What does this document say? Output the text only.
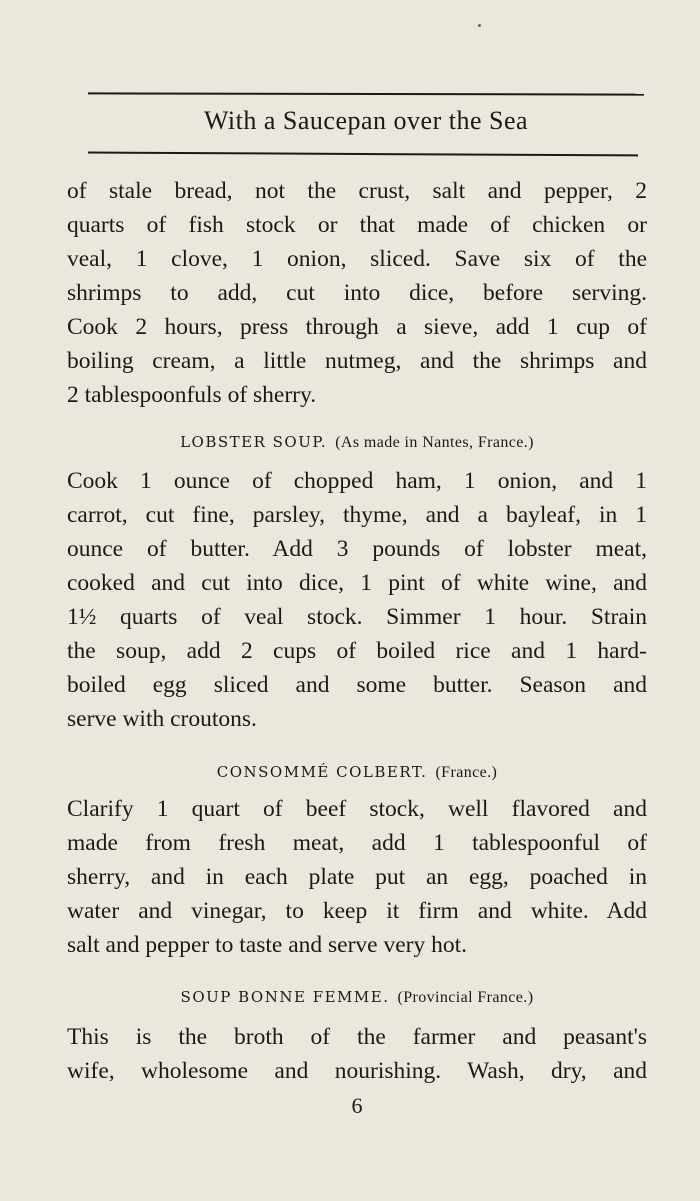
With a Saucepan over the Sea

of stale bread, not the crust, salt and pepper, 2

quarts of fish stock or that made of chicken or

veal, 1 clove, 1 onion, sliced. Save six of the

shrimps to add, cut into dice, before serving.

Cook 2 hours, press through a sieve, add 1 cup of

boiling cream, a little nutmeg, and the shrimps and

2 tablespoonfuls of sherry.

LOBSTER SOUP. (As made in Nantes, France.)

Cook 1 ounce of chopped ham, 1 onion, and 1

carrot, cut fine, parsley, thyme, and a bayleaf, in 1

ounce of butter. Add 3 pounds of lobster meat,

cooked and cut into dice, 1 pint of white wine, and

1½ quarts of veal stock. Simmer 1 hour. Strain

the soup, add 2 cups of boiled rice and 1 hard-

boiled egg sliced and some butter. Season and

serve with croutons.

CONSOMMÉ COLBERT. (France.)

Clarify 1 quart of beef stock, well flavored and

made from fresh meat, add 1 tablespoonful of

sherry, and in each plate put an egg, poached in

water and vinegar, to keep it firm and white. Add

salt and pepper to taste and serve very hot.

SOUP BONNE FEMME. (Provincial France.)

This is the broth of the farmer and peasant's

wife, wholesome and nourishing. Wash, dry, and

6
